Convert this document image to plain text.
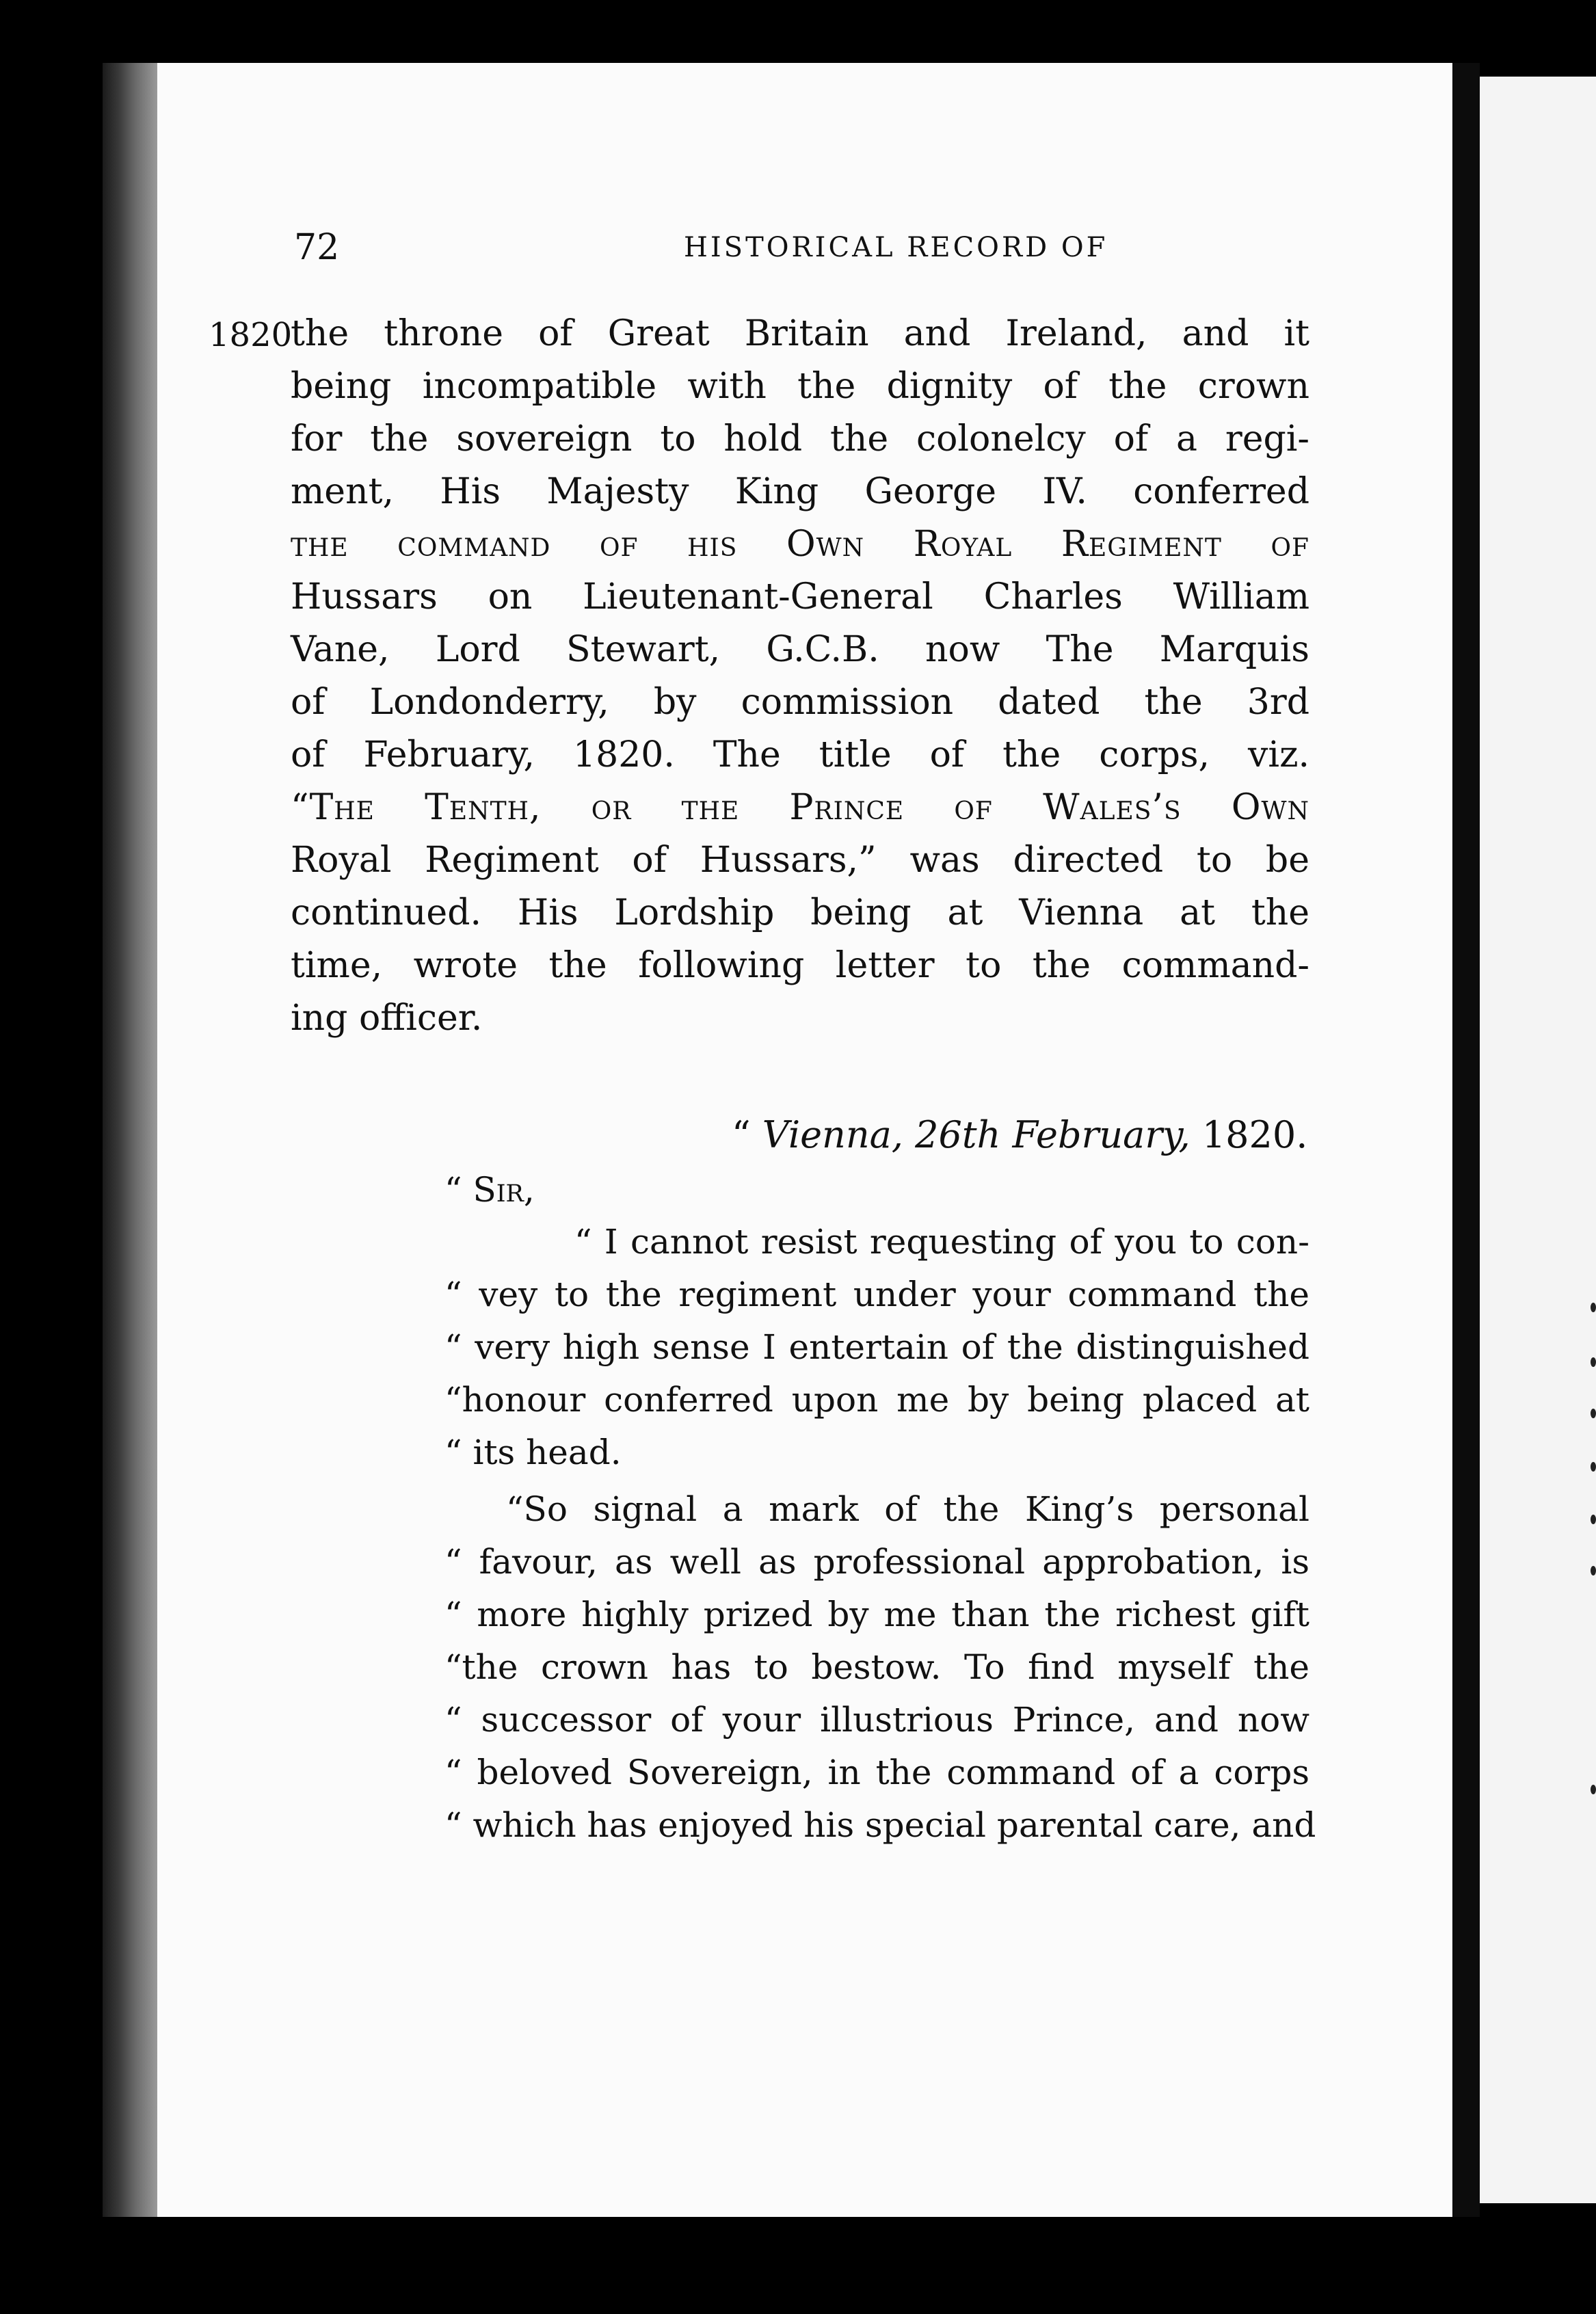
72	HISTORICAL RECORD OF
1820
the throne of Great Britain and Ireland, and it
being incompatible with the dignity of the crown
for the sovereign to hold the colonelcy of a regi-
ment, His Majesty King George IV. conferred
the command of his Own Royal Regiment of
Hussars on Lieutenant-General Charles William
Vane, Lord Stewart, G.C.B. now The Marquis
of Londonderry, by commission dated the 3rd
of February, 1820. The title of the corps, viz.
“The Tenth, or the Prince of Wales’s Own
Royal Regiment of Hussars,” was directed to be
continued. His Lordship being at Vienna at the
time, wrote the following letter to the command-
ing officer.
“ Vienna, 26th February, 1820.
“ Sir,
“ I cannot resist requesting of you to con-
“ vey to the regiment under your command the
“ very high sense I entertain of the distinguished
“honour conferred upon me by being placed at
“ its head.
“So signal a mark of the King’s personal
“ favour, as well as professional approbation, is
“ more highly prized by me than the richest gift
“the crown has to bestow. To find myself the
“ successor of your illustrious Prince, and now
“ beloved Sovereign, in the command of a corps
“ which has enjoyed his special parental care, and
